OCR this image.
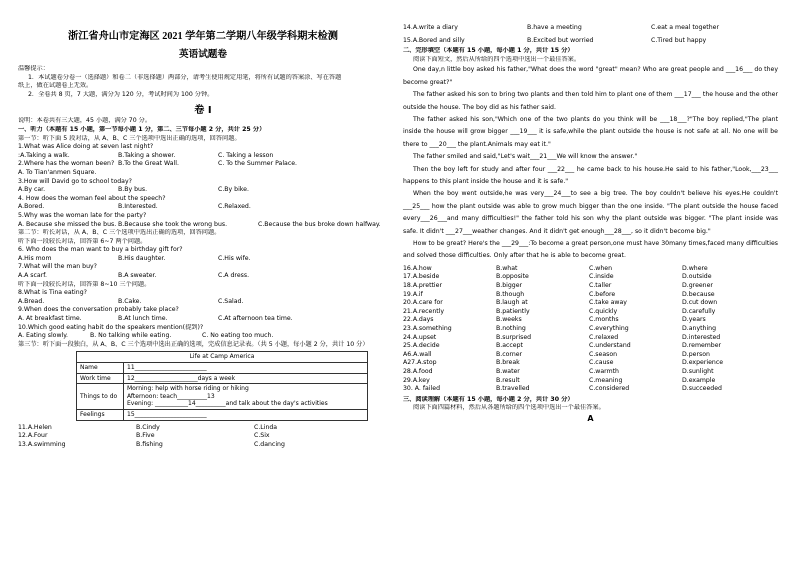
浙江省舟山市定海区 2021 学年第二学期八年级学科期末检测
英语试题卷
温馨提示：
1．本试题卷分卷一（选择题）和卷二（非选择题）两部分，请考生使用规定用笔，将所有试题的答案涂、写在答题
纸上，做在试题卷上无效。
2．全卷共 8 页，7 大题，满分为 120 分，考试时间为 100 分钟。
卷 Ⅰ
说明：本卷共有三大题，45 小题，满分 70 分。
一、听力（本题有 15 小题，第一节每小题 1 分，第二、三节每小题 2 分，共计 25 分）
第一节：听下面 5 段对话，从 A、B、C 三个选项中选出正确的选项，回答问题。
1.What was Alice doing at seven last night?
:A.Taking a walk.	B.Taking a shower.	C. Taking a lesson
2.Where has the woman been? B.To the Great Wall.	C. To the Summer Palace.
A. To Tian'anmen Square.
3.How will David go to school today?
A.By car.	B.By bus.	C.By bike.
4. How does the woman feel about the speech?
A.Bored.	B.Interested.	C.Relaxed.
5.Why was the woman late for the party?
A. Because she missed the bus. B.Because she took the wrong bus.	C.Because the bus broke down halfway.
第二节：听长对话，从 A、B、C 三个选项中选出正确的选项，回答问题。
听下面一段较长对话，回答第 6~7 两个问题。
6. Who does the man want to buy a birthday gift for?
A.His mom	B.His daughter.	C.His wife.
7.What will the man buy?
A.A scarf.	B.A sweater.	C.A dress.
听下面一段较长对话，回答第 8~10 三个问题。
8.What is Tina eating?
A.Bread.	B.Cake.	C.Salad.
9.When does the conversation probably take place?
A. At breakfast time.	B.At lunch time.	C.At afternoon tea time.
10.Which good eating habit do the speakers mention(提到)?
A. Eating slowly.	B. No talking while eating.	C. No eating too much.
第三节：听下面一段独白，从 A、B、C 三个选项中选出正确的选项，完成信息记录表。（共 5 小题，每小题 2 分，共计 10 分）
Life at Camp America	
Name	11________________________
Work time	12_____________________days a week
Things to do	Morning: help with horse riding or hiking
Afternoon: teach__________13
Evening: ___________14__________and talk about the day's activities

Feelings	15________________________
11.A.Helen	B.Cindy	C.Linda
12.A.Four	B.Five	C.Six
13.A.swimming	B.fishing	C.dancing
14.A.write a diary	B.have a meeting	C.eat a meal together
15.A.Bored and silly	B.Excited but worried	C.Tired but happy
二、完形填空（本题有 15 小题，每小题 1 分，共计 15 分）
阅读下面短文，然后从所给的四个选项中选出一个最佳答案。
One day,n little boy asked his father,"What does the word "great" mean? Who are great people and ___16___ do they become great?"
The father asked his son to bring two plants and then told him to plant one of them ___17___ the house and the other outside the house. The boy did as his father said.
The father asked his son,"Which one of the two plants do you think will be ___18___?"The boy replied,"The plant inside the house will grow bigger ___19___ it is safe,while the plant outside the house is not safe at all. No one will be there to ___20___ the plant.Animals may eat it."
The father smiled and said,"Let's wait___21___We will know the answer."
Then the boy left for study and after four ___22___ he came back to his house.He said to his father,"Look,___23___ happens to this plant inside the house and it is safe."
When the boy went outside,he was very___24___to see a big tree. The boy couldn't believe his eyes.He couldn't ___25___ how the plant outside was able to grow much bigger than the one inside. "The plant outside the house faced every___26___and many difficulties!" the father told his son why the plant outside was bigger. "The plant inside was safe. It didn't ___27___weather changes. And it didn't get enough___28___, so it didn't become big."
How to be great? Here's the ___29___:To become a great person,one must have 30many times,faced many difficulties and solved those difficulties. Only after that he is able to become great.
16.A.how	B.what	C.when	D.where
17.A.beside	B.opposite	C.inside	D.outside
18.A.prettier	B.bigger	C.taller	D.greener
19.A.if	B.though	C.before	D.because
20.A.care for	B.laugh at	C.take away	D.cut down
21.A.recently	B.patiently	C.quickly	D.carefully
22.A.days	B.weeks	C.months	D.years
23.A.something	B.nothing	C.everything	D.anything
24.A.upset	B.surprised	C.relaxed	D.interested
25.A.decide	B.accept	C.understand	D.remember
A6.A.wall	B.corner	C.season	D.person
A27.A.stop	B.break	C.cause	D.experience
28.A.food	B.water	C.warmth	D.sunlight
29.A.key	B.result	C.meaning	D.example
30. A. failed	B.travelled	C.considered	D.succeeded
三、阅读理解（本题有 15 小题，每小题 2 分，共计 30 分）
阅读下面四篇材料，然后从各题所给的四个选项中选出一个最佳答案。
A
